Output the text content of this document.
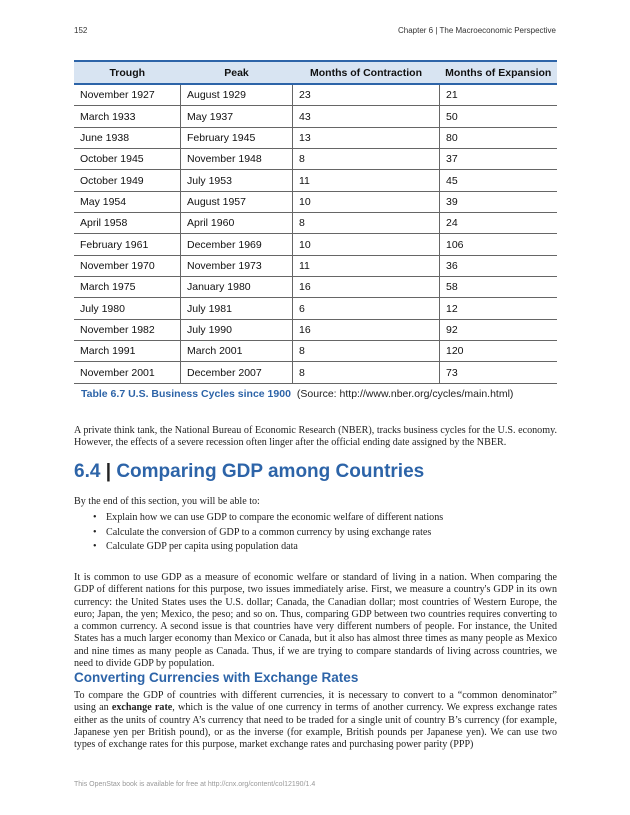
152	Chapter 6 | The Macroeconomic Perspective
Trough	Peak	Months of Contraction	Months of Expansion
November 1927	August 1929	23	21
March 1933	May 1937	43	50
June 1938	February 1945	13	80
October 1945	November 1948	8	37
October 1949	July 1953	11	45
May 1954	August 1957	10	39
April 1958	April 1960	8	24
February 1961	December 1969	10	106
November 1970	November 1973	11	36
March 1975	January 1980	16	58
July 1980	July 1981	6	12
November 1982	July 1990	16	92
March 1991	March 2001	8	120
November 2001	December 2007	8	73
Table 6.7 U.S. Business Cycles since 1900 (Source: http://www.nber.org/cycles/main.html)

A private think tank, the National Bureau of Economic Research (NBER), tracks business cycles for the U.S. economy. However, the effects of a severe recession often linger after the official ending date assigned by the NBER.

6.4 | Comparing GDP among Countries

By the end of this section, you will be able to:

• Explain how we can use GDP to compare the economic welfare of different nations
• Calculate the conversion of GDP to a common currency by using exchange rates
• Calculate GDP per capita using population data

It is common to use GDP as a measure of economic welfare or standard of living in a nation. When comparing the GDP of different nations for this purpose, two issues immediately arise. First, we measure a country's GDP in its own currency: the United States uses the U.S. dollar; Canada, the Canadian dollar; most countries of Western Europe, the euro; Japan, the yen; Mexico, the peso; and so on. Thus, comparing GDP between two countries requires converting to a common currency. A second issue is that countries have very different numbers of people. For instance, the United States has a much larger economy than Mexico or Canada, but it also has almost three times as many people as Mexico and nine times as many people as Canada. Thus, if we are trying to compare standards of living across countries, we need to divide GDP by population.

Converting Currencies with Exchange Rates

To compare the GDP of countries with different currencies, it is necessary to convert to a “common denominator” using an exchange rate, which is the value of one currency in terms of another currency. We express exchange rates either as the units of country A’s currency that need to be traded for a single unit of country B’s currency (for example, Japanese yen per British pound), or as the inverse (for example, British pounds per Japanese yen). We can use two types of exchange rates for this purpose, market exchange rates and purchasing power parity (PPP)

This OpenStax book is available for free at http://cnx.org/content/col12190/1.4
